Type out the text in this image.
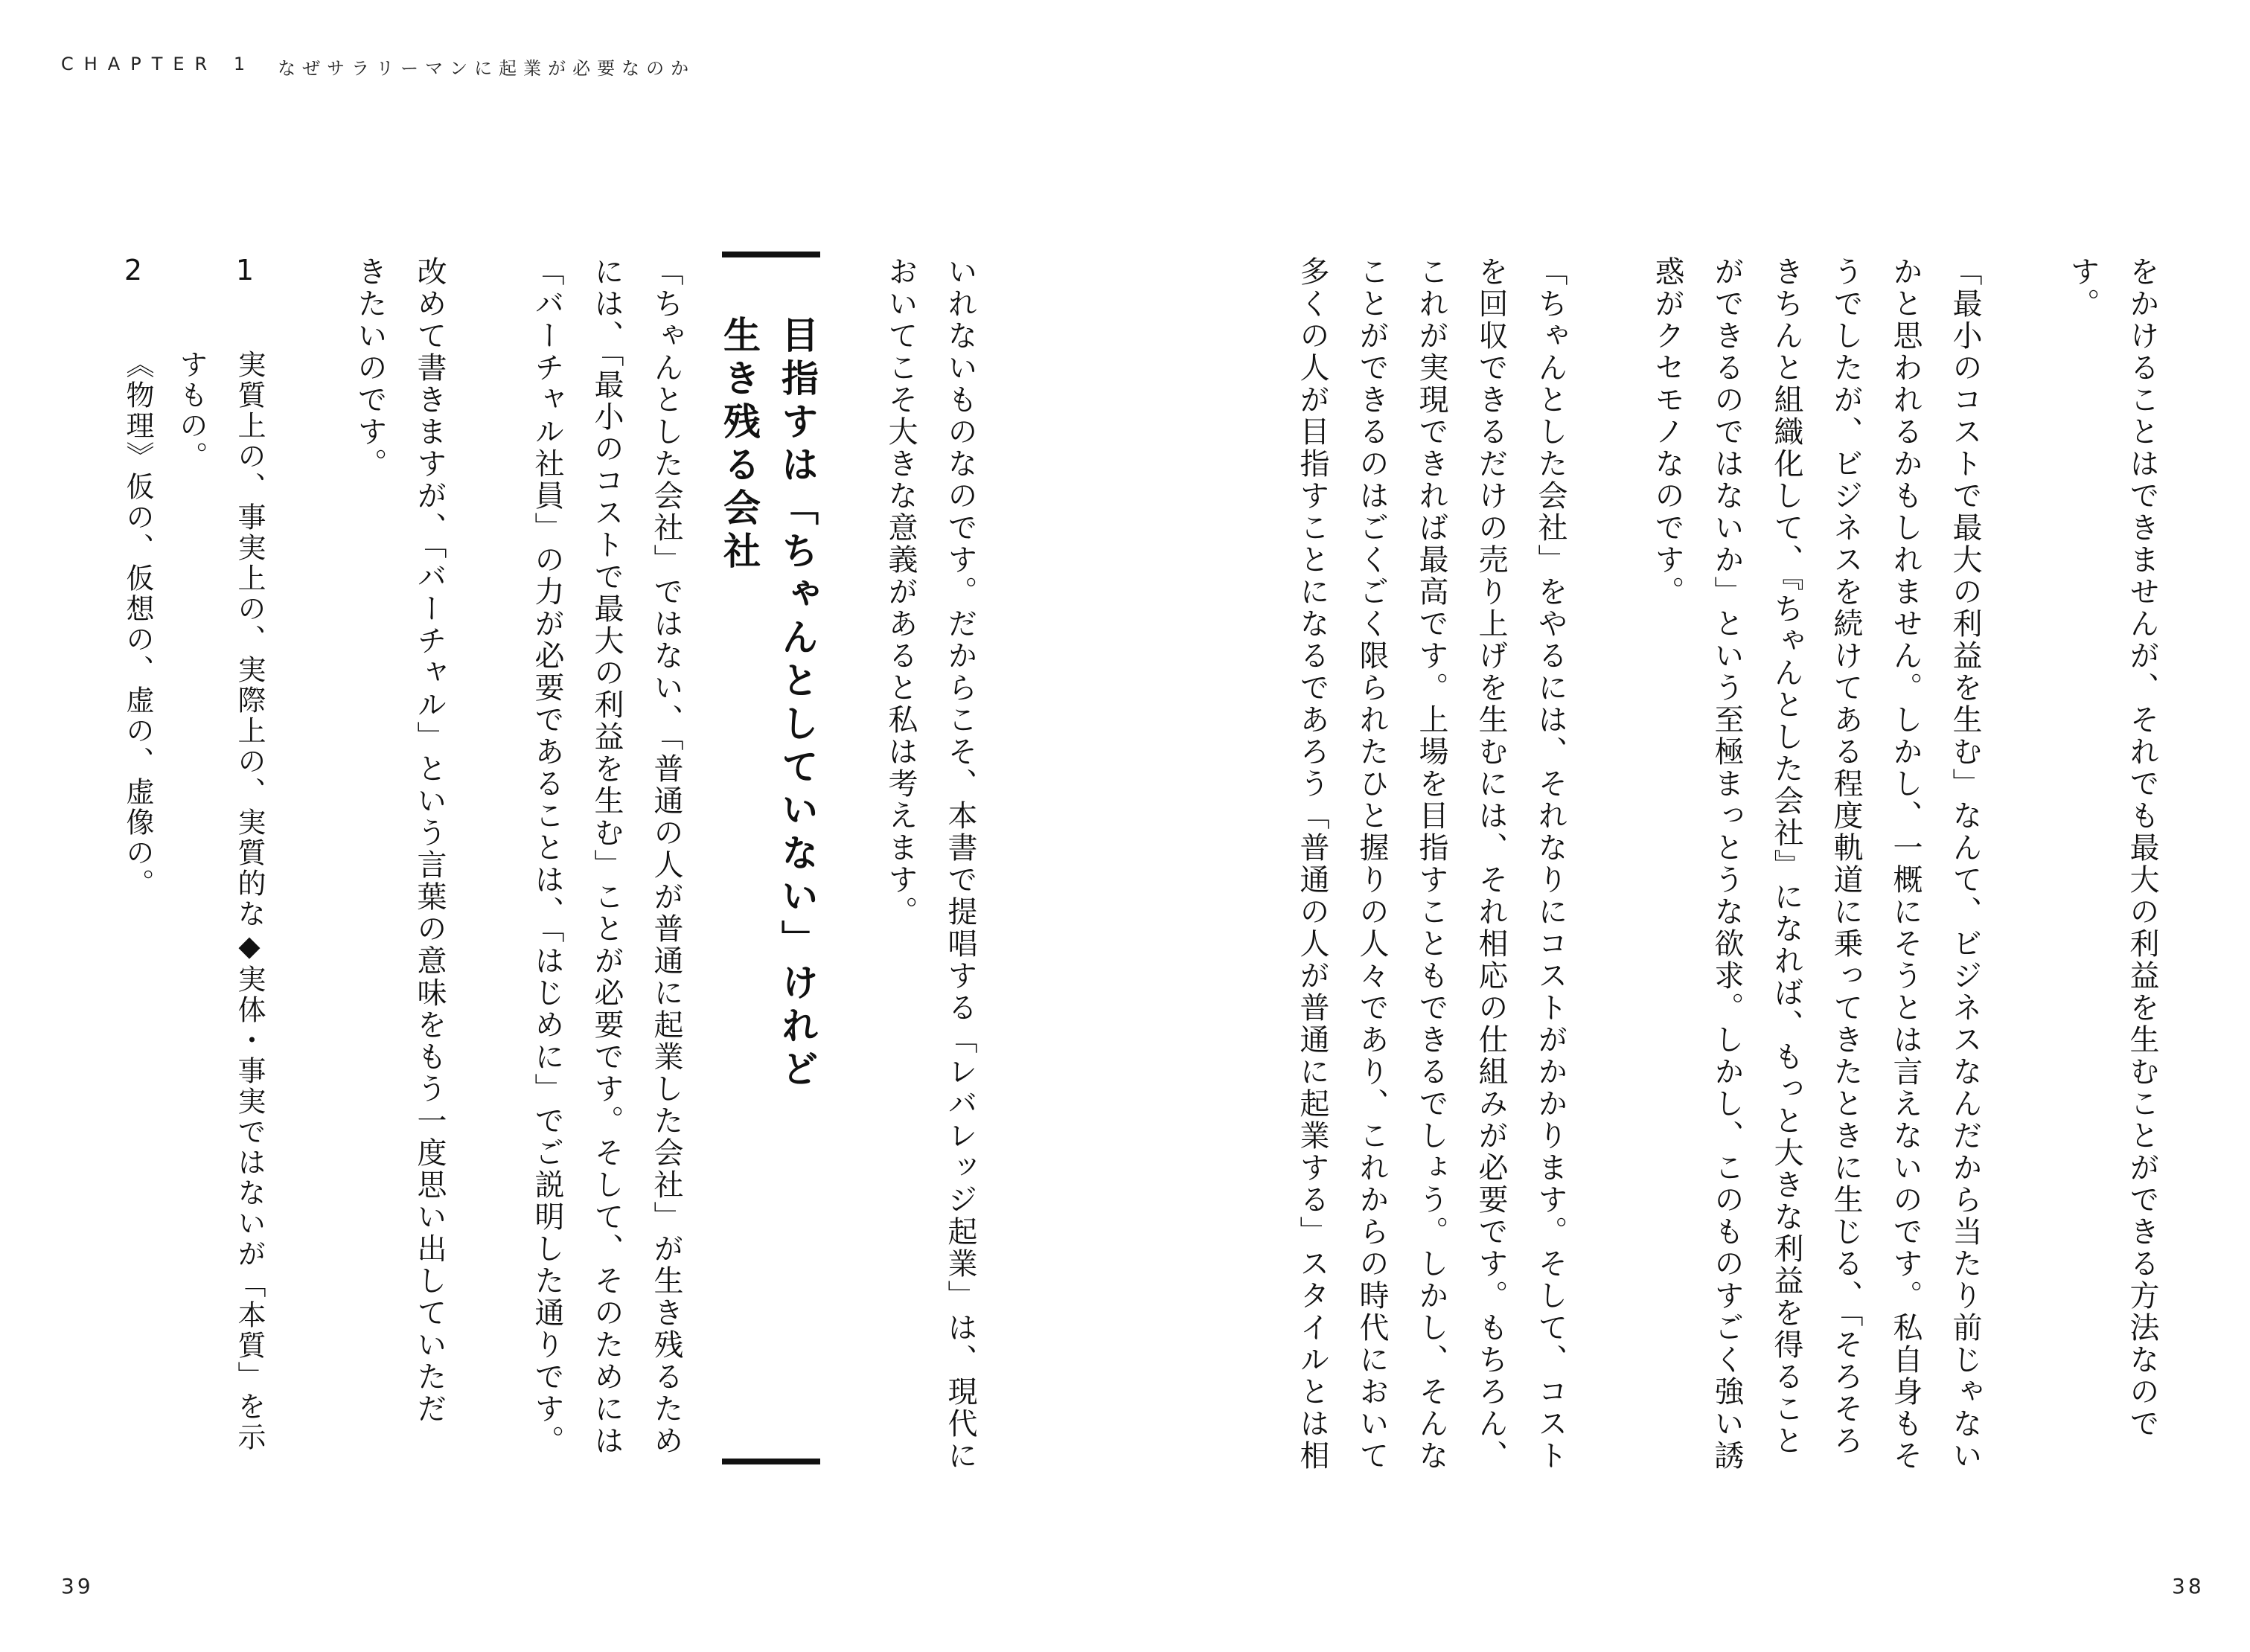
CHAPTER 1 なぜサラリーマンに起業が必要なのか
をかけることはできませんが、それでも最大の利益を生むことができる方法なので
す。
「最小のコストで最大の利益を生む」なんて、ビジネスなんだから当たり前じゃない
かと思われるかもしれません。しかし、一概にそうとは言えないのです。私自身もそ
うでしたが、ビジネスを続けてある程度軌道に乗ってきたときに生じる、「そろそろ
きちんと組織化して、『ちゃんとした会社』になれば、もっと大きな利益を得ること
ができるのではないか」という至極まっとうな欲求。しかし、このものすごく強い誘
惑がクセモノなのです。
「ちゃんとした会社」をやるには、それなりにコストがかかります。そして、コスト
を回収できるだけの売り上げを生むには、それ相応の仕組みが必要です。もちろん、
これが実現できれば最高です。上場を目指すこともできるでしょう。しかし、そんな
ことができるのはごくごく限られたひと握りの人々であり、これからの時代において
多くの人が目指すことになるであろう「普通の人が普通に起業する」スタイルとは相
いれないものなのです。だからこそ、本書で提唱する「レバレッジ起業」は、現代に
おいてこそ大きな意義があると私は考えます。
目指すは「ちゃんとしていない」けれど
生き残る会社
「ちゃんとした会社」ではない、「普通の人が普通に起業した会社」が生き残るため
には、「最小のコストで最大の利益を生む」ことが必要です。そして、そのためには
「バーチャル社員」の力が必要であることは、「はじめに」でご説明した通りです。
改めて書きますが、「バーチャル」という言葉の意味をもう一度思い出していただ
きたいのです。
1
実質上の、事実上の、実際上の、実質的な◆実体・事実ではないが「本質」を示
すもの。
2
《物理》仮の、仮想の、虚の、虚像の。
39	38
